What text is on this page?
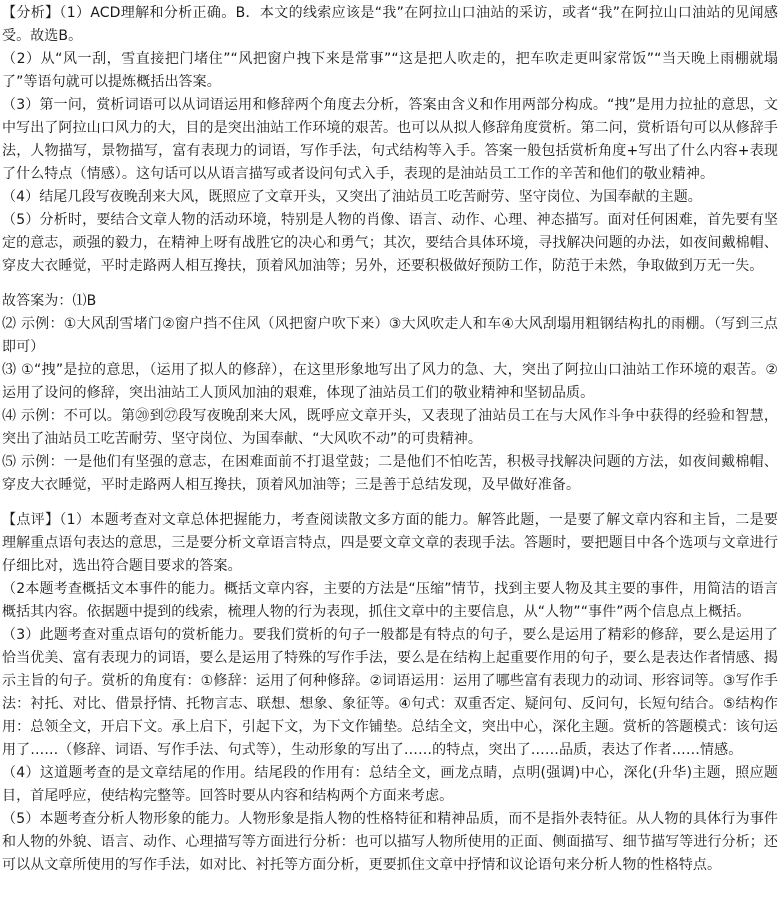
【分析】（1）ACD理解和分析正确。B．本文的线索应该是“我”在阿拉山口油站的采访，或者“我”在阿拉山口油站的见闻感受。故选B。

（2）从“风一刮，雪直接把门堵住”“风把窗户拽下来是常事”“这是把人吹走的，把车吹走更叫家常饭”“当天晚上雨棚就塌了”等语句就可以提炼概括出答案。

（3）第一问，赏析词语可以从词语运用和修辞两个角度去分析，答案由含义和作用两部分构成。“拽”是用力拉扯的意思，文中写出了阿拉山口风力的大，目的是突出油站工作环境的艰苦。也可以从拟人修辞角度赏析。第二问，赏析语句可以从修辞手法，人物描写，景物描写，富有表现力的词语，写作手法，句式结构等入手。答案一般包括赏析角度+写出了什么内容+表现了什么特点（情感）。这句话可以从语言描写或者设问句式入手，表现的是油站员工工作的辛苦和他们的敬业精神。

（4）结尾几段写夜晚刮来大风，既照应了文章开头，又突出了油站员工吃苦耐劳、坚守岗位、为国奉献的主题。

（5）分析时，要结合文章人物的活动环境，特别是人物的肖像、语言、动作、心理、神态描写。面对任何困难，首先要有坚定的意志，顽强的毅力，在精神上呀有战胜它的决心和勇气；其次，要结合具体环境，寻找解决问题的办法，如夜间戴棉帽、穿皮大衣睡觉，平时走路两人相互搀扶，顶着风加油等；另外，还要积极做好预防工作，防范于未然，争取做到万无一失。

故答案为：⑴B

⑵ 示例：①大风刮雪堵门②窗户挡不住风（风把窗户吹下来）③大风吹走人和车④大风刮塌用粗钢结构扎的雨棚。（写到三点即可）

⑶ ①“拽”是拉的意思，（运用了拟人的修辞），在这里形象地写出了风力的急、大，突出了阿拉山口油站工作环境的艰苦。②运用了设问的修辞，突出油站工人顶风加油的艰难，体现了油站员工们的敬业精神和坚韧品质。

⑷ 示例：不可以。第⑳到㉗段写夜晚刮来大风，既呼应文章开头，又表现了油站员工在与大风作斗争中获得的经验和智慧，突出了油站员工吃苦耐劳、坚守岗位、为国奉献、“大风吹不动”的可贵精神。

⑸ 示例：一是他们有坚强的意志，在困难面前不打退堂鼓；二是他们不怕吃苦，积极寻找解决问题的方法，如夜间戴棉帽、穿皮大衣睡觉，平时走路两人相互搀扶，顶着风加油等；三是善于总结发现，及早做好准备。

【点评】（1）本题考查对文章总体把握能力，考查阅读散文多方面的能力。解答此题，一是要了解文章内容和主旨，二是要理解重点语句表达的意思，三是要分析文章语言特点，四是要文章文章的表现手法。答题时，要把题目中各个选项与文章进行仔细比对，选出符合题目要求的答案。

（2本题考查概括文本事件的能力。概括文章内容，主要的方法是“压缩”情节，找到主要人物及其主要的事件，用简洁的语言概括其内容。依据题中提到的线索，梳理人物的行为表现，抓住文章中的主要信息，从“人物”“事件”两个信息点上概括。

（3）此题考查对重点语句的赏析能力。要我们赏析的句子一般都是有特点的句子，要么是运用了精彩的修辞，要么是运用了恰当优美、富有表现力的词语，要么是运用了特殊的写作手法，要么是在结构上起重要作用的句子，要么是表达作者情感、揭示主旨的句子。赏析的角度有：①修辞：运用了何种修辞。②词语运用：运用了哪些富有表现力的动词、形容词等。③写作手法：衬托、对比、借景抒情、托物言志、联想、想象、象征等。④句式：双重否定、疑问句、反问句，长短句结合。⑤结构作用：总领全文，开启下文。承上启下，引起下文，为下文作铺垫。总结全文，突出中心，深化主题。赏析的答题模式：该句运用了……（修辞、词语、写作手法、句式等），生动形象的写出了……的特点，突出了……品质，表达了作者……情感。

（4）这道题考查的是文章结尾的作用。结尾段的作用有：总结全文，画龙点睛，点明(强调)中心，深化(升华)主题，照应题目，首尾呼应，使结构完整等。回答时要从内容和结构两个方面来考虑。

（5）本题考查分析人物形象的能力。人物形象是指人物的性格特征和精神品质，而不是指外表特征。从人物的具体行为事件和人物的外貌、语言、动作、心理描写等方面进行分析：也可以描写人物所使用的正面、侧面描写、细节描写等进行分析；还可以从文章所使用的写作手法，如对比、衬托等方面分析，更要抓住文章中抒情和议论语句来分析人物的性格特点。
